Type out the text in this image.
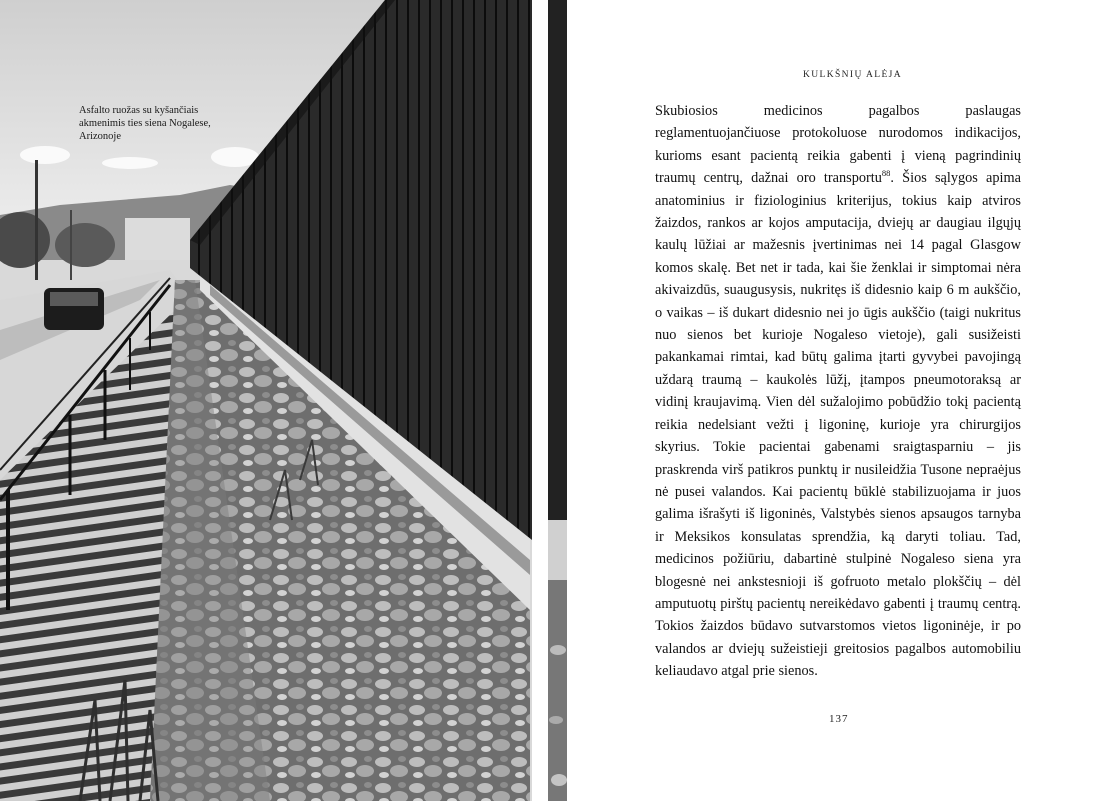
Asfalto ruožas su kyšančiais akmenimis ties siena Nogalese, Arizonoje
KULKŠNIŲ ALĖJA
Skubiosios medicinos pagalbos paslaugas reglamentuojančiuose protokoluose nurodomos indikacijos, kurioms esant pacientą reikia gabenti į vieną pagrindinių traumų centrų, dažnai oro transportu$^{88}$. Šios sąlygos apima anatominius ir fiziologinius kriterijus, tokius kaip atviros žaizdos, rankos ar kojos amputacija, dviejų ar daugiau ilgųjų kaulų lūžiai ar mažesnis įvertinimas nei 14 pagal Glasgow komos skalę. Bet net ir tada, kai šie ženklai ir simptomai nėra akivaizdūs, suaugusysis, nukritęs iš didesnio kaip 6 m aukščio, o vaikas – iš dukart didesnio nei jo ūgis aukščio (taigi nukritus nuo sienos bet kurioje Nogaleso vietoje), gali susižeisti pakankamai rimtai, kad būtų galima įtarti gyvybei pavojingą uždarą traumą – kaukolės lūžį, įtampos pneumotoraksą ar vidinį kraujavimą. Vien dėl sužalojimo pobūdžio tokį pacientą reikia nedelsiant vežti į ligoninę, kurioje yra chirurgijos skyrius. Tokie pacientai gabenami sraigtasparniu – jis praskrenda virš patikros punktų ir nusileidžia Tusone nepraėjus nė pusei valandos. Kai pacientų būklė stabilizuojama ir juos galima išrašyti iš ligoninės, Valstybės sienos apsaugos tarnyba ir Meksikos konsulatas sprendžia, ką daryti toliau. Tad, medicinos požiūriu, dabartinė stulpinė Nogaleso siena yra blogesnė nei ankstesnioji iš gofruoto metalo plokščių – dėl amputuotų pirštų pacientų nereikėdavo gabenti į traumų centrą. Tokios žaizdos būdavo sutvarstomos vietos ligoninėje, ir po valandos ar dviejų sužeistieji greitosios pagalbos automobiliu keliaudavo atgal prie sienos.
137
